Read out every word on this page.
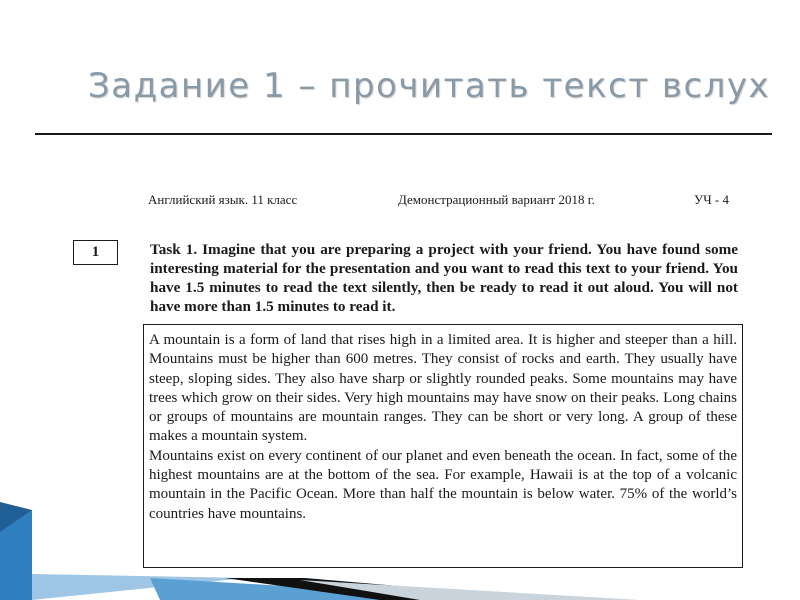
Задание 1 – прочитать текст вслух
Английский язык. 11 класс	Демонстрационный вариант 2018 г.	УЧ - 4
1	Task 1. Imagine that you are preparing a project with your friend. You have found some interesting material for the presentation and you want to read this text to your friend. You have 1.5 minutes to read the text silently, then be ready to read it out aloud. You will not have more than 1.5 minutes to read it.

A mountain is a form of land that rises high in a limited area. It is higher and steeper than a hill. Mountains must be higher than 600 metres. They consist of rocks and earth. They usually have steep, sloping sides. They also have sharp or slightly rounded peaks. Some mountains may have trees which grow on their sides. Very high mountains may have snow on their peaks. Long chains or groups of mountains are mountain ranges. They can be short or very long. A group of these makes a mountain system.

Mountains exist on every continent of our planet and even beneath the ocean. In fact, some of the highest mountains are at the bottom of the sea. For example, Hawaii is at the top of a volcanic mountain in the Pacific Ocean. More than half the mountain is below water. 75% of the world’s countries have mountains.
